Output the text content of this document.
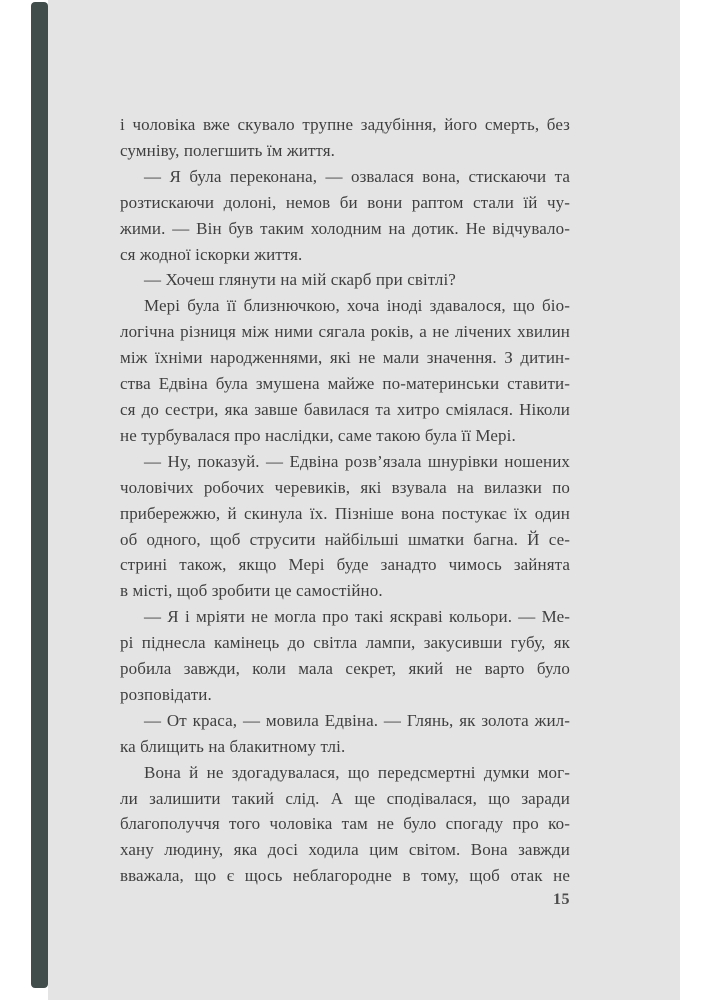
і чоловіка вже скувало трупне задубіння, його смерть, без
сумніву, полегшить їм життя.
— Я була переконана, — озвалася вона, стискаючи та
розтискаючи долоні, немов би вони раптом стали їй чу-
жими. — Він був таким холодним на дотик. Не відчувало-
ся жодної іскорки життя.
— Хочеш глянути на мій скарб при світлі?
Мері була її близнючкою, хоча іноді здавалося, що біо-
логічна різниця між ними сягала років, а не лічених хвилин
між їхніми народженнями, які не мали значення. З дитин-
ства Едвіна була змушена майже по-материнськи ставити-
ся до сестри, яка завше бавилася та хитро сміялася. Ніколи
не турбувалася про наслідки, саме такою була її Мері.
— Ну, показуй. — Едвіна розв’язала шнурівки ношених
чоловічих робочих черевиків, які взувала на вилазки по
прибережжю, й скинула їх. Пізніше вона постукає їх один
об одного, щоб струсити найбільші шматки багна. Й се-
стрині також, якщо Мері буде занадто чимось зайнята
в місті, щоб зробити це самостійно.
— Я і мріяти не могла про такі яскраві кольори. — Ме-
рі піднесла камінець до світла лампи, закусивши губу, як
робила завжди, коли мала секрет, який не варто було
розповідати.
— От краса, — мовила Едвіна. — Глянь, як золота жил-
ка блищить на блакитному тлі.
Вона й не здогадувалася, що передсмертні думки мог-
ли залишити такий слід. А ще сподівалася, що заради
благополуччя того чоловіка там не було спогаду про ко-
хану людину, яка досі ходила цим світом. Вона завжди
вважала, що є щось неблагородне в тому, щоб отак не
15
